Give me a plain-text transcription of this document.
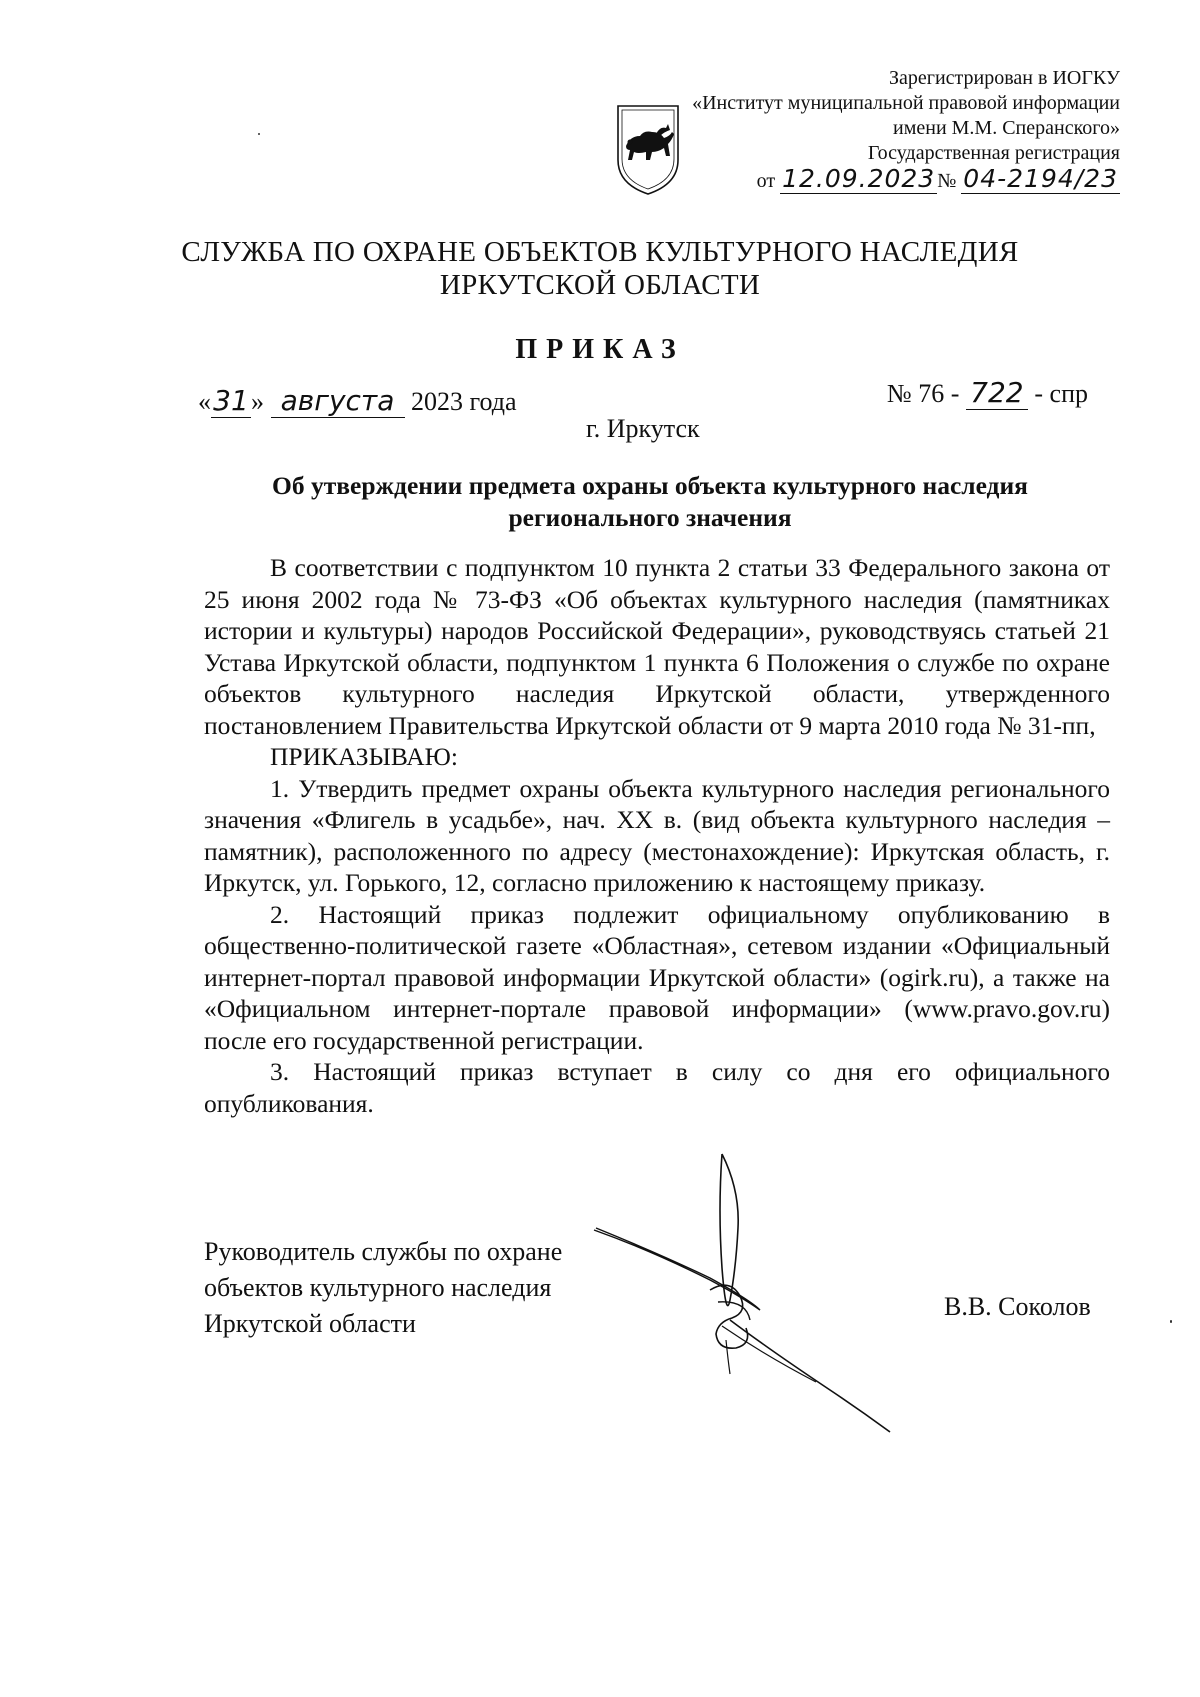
Зарегистрирован в ИОГКУ
«Институт муниципальной правовой информации
имени М.М. Сперанского»
Государственная регистрация
от 12.09.2023 № 04-2194/23
СЛУЖБА ПО ОХРАНЕ ОБЪЕКТОВ КУЛЬТУРНОГО НАСЛЕДИЯ
ИРКУТСКОЙ ОБЛАСТИ
ПРИКАЗ
«31» августа 2023 года	№ 76 - 722 - спр
г. Иркутск
Об утверждении предмета охраны объекта культурного наследия
регионального значения

В соответствии с подпунктом 10 пункта 2 статьи 33 Федерального закона от 25 июня 2002 года № 73-ФЗ «Об объектах культурного наследия (памятниках истории и культуры) народов Российской Федерации», руководствуясь статьей 21 Устава Иркутской области, подпунктом 1 пункта 6 Положения о службе по охране объектов культурного наследия Иркутской области, утвержденного постановлением Правительства Иркутской области от 9 марта 2010 года № 31-пп,

ПРИКАЗЫВАЮ:

1. Утвердить предмет охраны объекта культурного наследия регионального значения «Флигель в усадьбе», нач. XX в. (вид объекта культурного наследия – памятник), расположенного по адресу (местонахождение): Иркутская область, г. Иркутск, ул. Горького, 12, согласно приложению к настоящему приказу.

2. Настоящий приказ подлежит официальному опубликованию в общественно-политической газете «Областная», сетевом издании «Официальный интернет-портал правовой информации Иркутской области» (ogirk.ru), а также на «Официальном интернет-портале правовой информации» (www.pravo.gov.ru) после его государственной регистрации.

3. Настоящий приказ вступает в силу со дня его официального опубликования.

Руководитель службы по охране
объектов культурного наследия
Иркутской области
В.В. Соколов
